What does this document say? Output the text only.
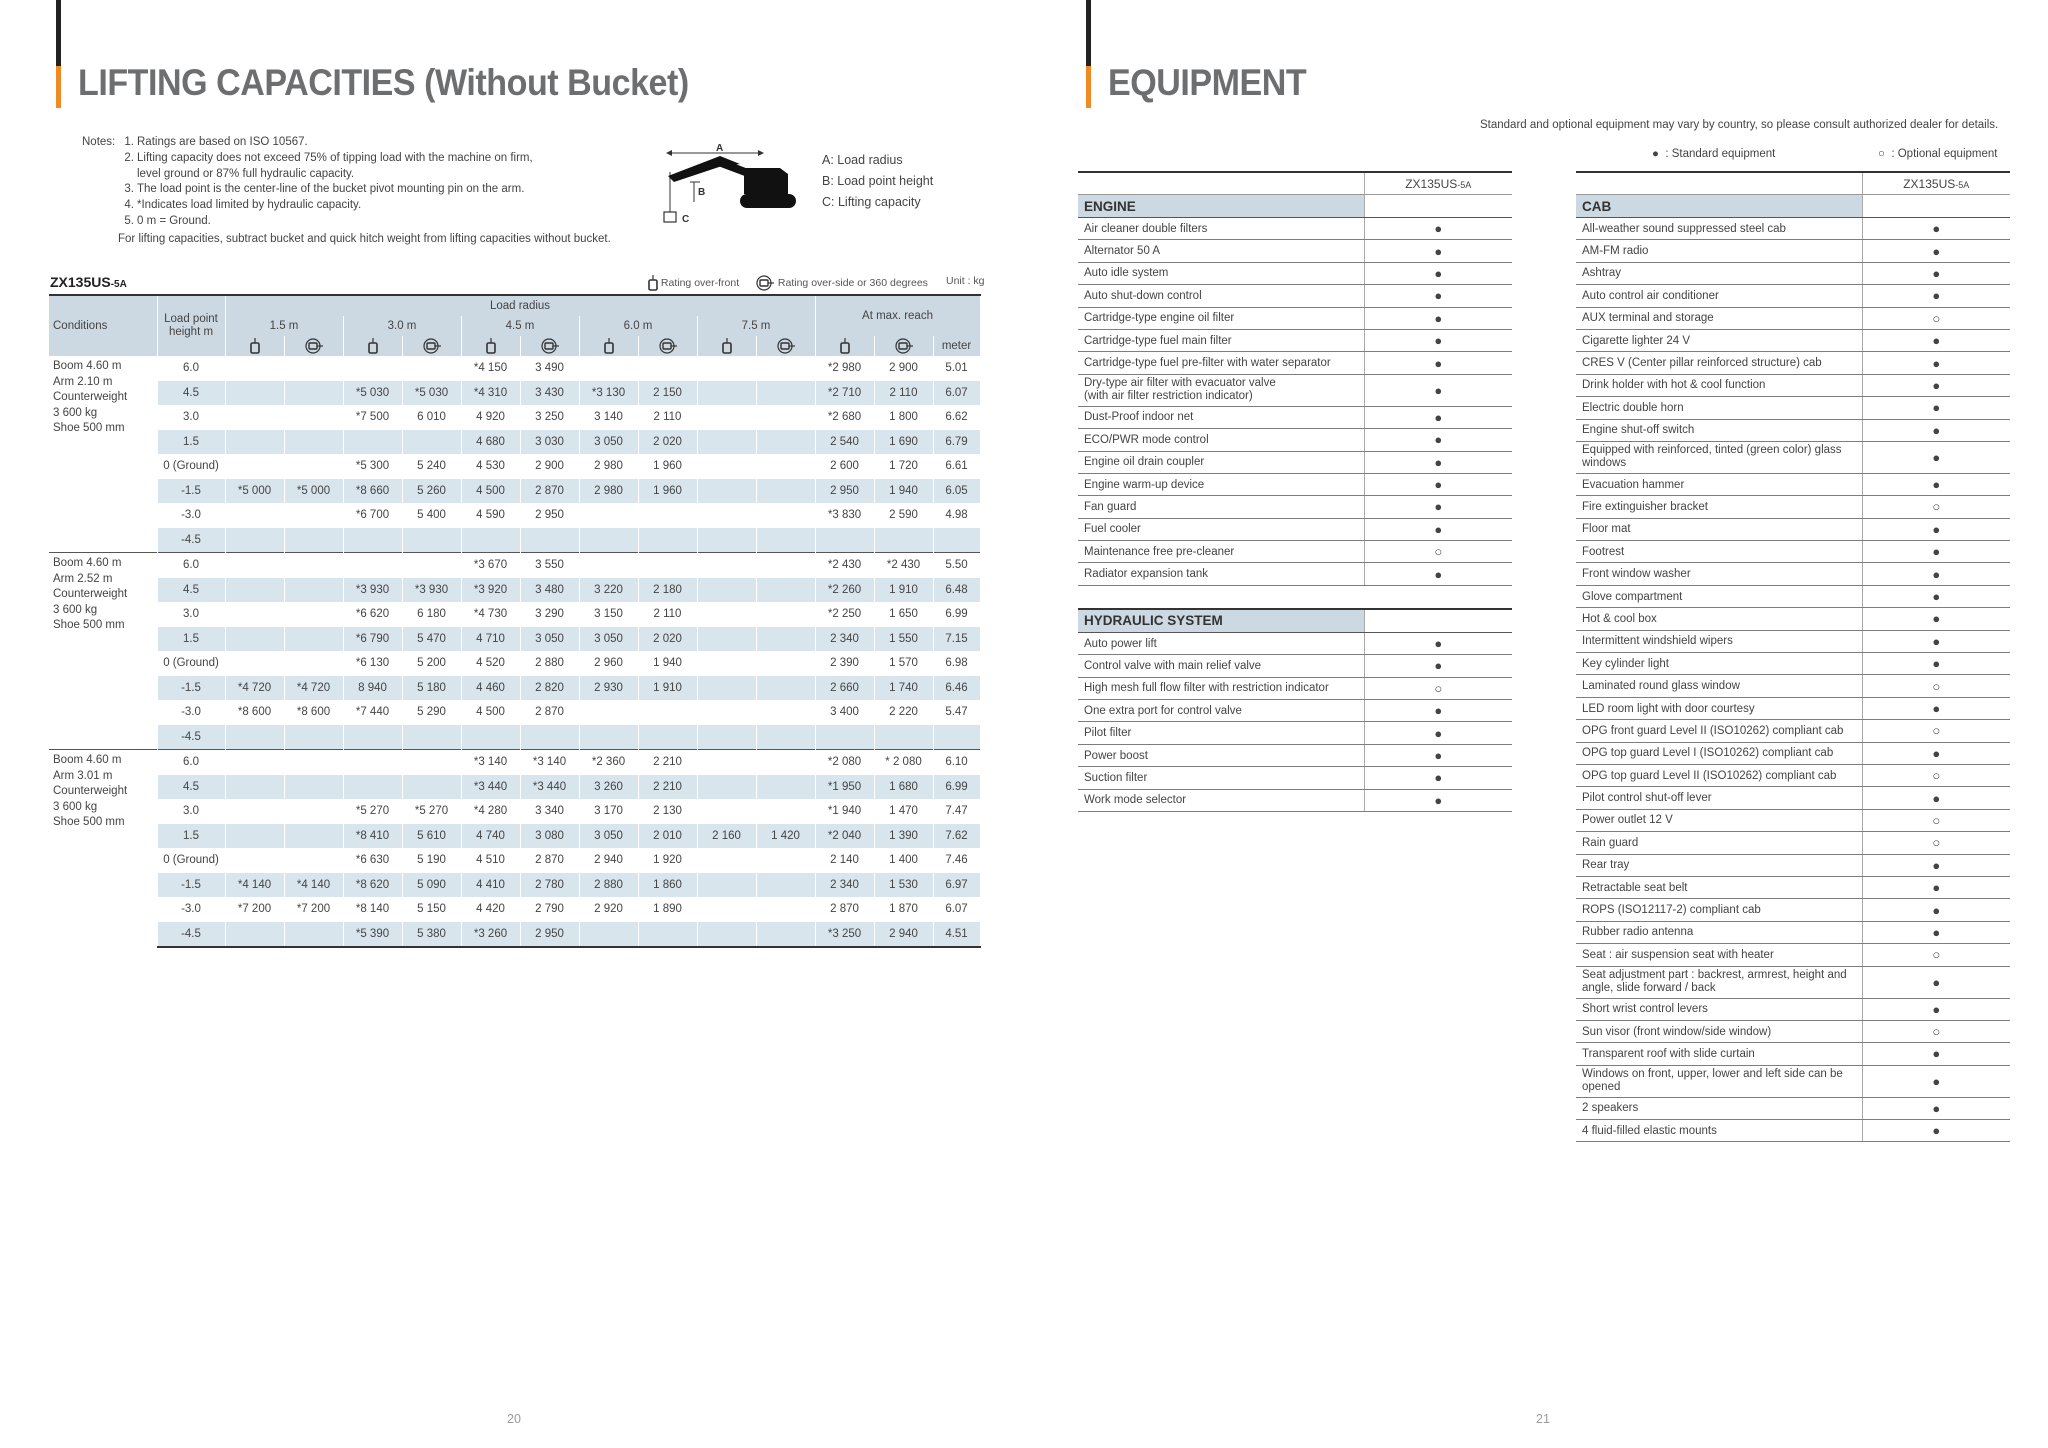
LIFTING CAPACITIES (Without Bucket)
Notes: 1. Ratings are based on ISO 10567.
2. Lifting capacity does not exceed 75% of tipping load with the machine on firm,
level ground or 87% full hydraulic capacity.
3. The load point is the center-line of the bucket pivot mounting pin on the arm.
4. *Indicates load limited by hydraulic capacity.
5. 0 m = Ground.
For lifting capacities, subtract bucket and quick hitch weight from lifting capacities without bucket.
A
B
C
A: Load radius
B: Load point height
C: Lifting capacity
ZX135US-5A	Rating over-front	Rating over-side or 360 degrees Unit : kg
Conditions	Load point height m	Load radius										At max. reach		
		1.5 m		3.0 m		4.5 m		6.0 m		7.5 m				
												meter

Boom 4.60 m
Arm 2.10 m
Counterweight
3 600 kg
Shoe 500 mm	6.0					*4 150	3 490					*2 980	2 900	5.01
	4.5			*5 030	*5 030	*4 310	3 430	*3 130	2 150			*2 710	2 110	6.07
	3.0			*7 500	6 010	4 920	3 250	3 140	2 110			*2 680	1 800	6.62
	1.5					4 680	3 030	3 050	2 020			2 540	1 690	6.79
	0 (Ground)			*5 300	5 240	4 530	2 900	2 980	1 960			2 600	1 720	6.61
	-1.5	*5 000	*5 000	*8 660	5 260	4 500	2 870	2 980	1 960			2 950	1 940	6.05
	-3.0			*6 700	5 400	4 590	2 950					*3 830	2 590	4.98
	-4.5													

Boom 4.60 m
Arm 2.52 m
Counterweight
3 600 kg
Shoe 500 mm	6.0					*3 670	3 550					*2 430	*2 430	5.50
	4.5			*3 930	*3 930	*3 920	3 480	3 220	2 180			*2 260	1 910	6.48
	3.0			*6 620	6 180	*4 730	3 290	3 150	2 110			*2 250	1 650	6.99
	1.5			*6 790	5 470	4 710	3 050	3 050	2 020			2 340	1 550	7.15
	0 (Ground)			*6 130	5 200	4 520	2 880	2 960	1 940			2 390	1 570	6.98
	-1.5	*4 720	*4 720	8 940	5 180	4 460	2 820	2 930	1 910			2 660	1 740	6.46
	-3.0	*8 600	*8 600	*7 440	5 290	4 500	2 870					3 400	2 220	5.47
	-4.5													

Boom 4.60 m
Arm 3.01 m
Counterweight
3 600 kg
Shoe 500 mm	6.0					*3 140	*3 140	*2 360	2 210			*2 080	* 2 080	6.10
	4.5					*3 440	*3 440	3 260	2 210			*1 950	1 680	6.99
	3.0			*5 270	*5 270	*4 280	3 340	3 170	2 130			*1 940	1 470	7.47
	1.5			*8 410	5 610	4 740	3 080	3 050	2 010	2 160	1 420	*2 040	1 390	7.62
	0 (Ground)			*6 630	5 190	4 510	2 870	2 940	1 920			2 140	1 400	7.46
	-1.5	*4 140	*4 140	*8 620	5 090	4 410	2 780	2 880	1 860			2 340	1 530	6.97
	-3.0	*7 200	*7 200	*8 140	5 150	4 420	2 790	2 920	1 890			2 870	1 870	6.07
	-4.5			*5 390	5 380	*3 260	2 950					*3 250	2 940	4.51
20
EQUIPMENT
Standard and optional equipment may vary by country, so please consult authorized dealer for details.
● : Standard equipment	○ : Optional equipment
	ZX135US-5A
ENGINE	

Air cleaner double filters	●

Alternator 50 A	●

Auto idle system	●

Auto shut-down control	●

Cartridge-type engine oil filter	●

Cartridge-type fuel main filter	●

Cartridge-type fuel pre-filter with water separator	●

Dry-type air filter with evacuator valve
(with air filter restriction indicator)	●

Dust-Proof indoor net	●

ECO/PWR mode control	●

Engine oil drain coupler	●

Engine warm-up device	●

Fan guard	●

Fuel cooler	●

Maintenance free pre-cleaner	○

Radiator expansion tank	●

HYDRAULIC SYSTEM	

Auto power lift	●

Control valve with main relief valve	●

High mesh full flow filter with restriction indicator	○

One extra port for control valve	●

Pilot filter	●

Power boost	●

Suction filter	●

Work mode selector	●
	ZX135US-5A
CAB	

All-weather sound suppressed steel cab	●

AM-FM radio	●

Ashtray	●

Auto control air conditioner	●

AUX terminal and storage	○

Cigarette lighter 24 V	●

CRES V (Center pillar reinforced structure) cab	●

Drink holder with hot & cool function	●

Electric double horn	●

Engine shut-off switch	●

Equipped with reinforced, tinted (green color) glass
windows	●

Evacuation hammer	●

Fire extinguisher bracket	○

Floor mat	●

Footrest	●

Front window washer	●

Glove compartment	●

Hot & cool box	●

Intermittent windshield wipers	●

Key cylinder light	●

Laminated round glass window	○

LED room light with door courtesy	●

OPG front guard Level II (ISO10262) compliant cab	○

OPG top guard Level I (ISO10262) compliant cab	●

OPG top guard Level II (ISO10262) compliant cab	○

Pilot control shut-off lever	●

Power outlet 12 V	○

Rain guard	○

Rear tray	●

Retractable seat belt	●

ROPS (ISO12117-2) compliant cab	●

Rubber radio antenna	●

Seat : air suspension seat with heater	○

Seat adjustment part : backrest, armrest, height and
angle, slide forward / back	●

Short wrist control levers	●

Sun visor (front window/side window)	○

Transparent roof with slide curtain	●

Windows on front, upper, lower and left side can be
opened	●

2 speakers	●

4 fluid-filled elastic mounts	●
21
